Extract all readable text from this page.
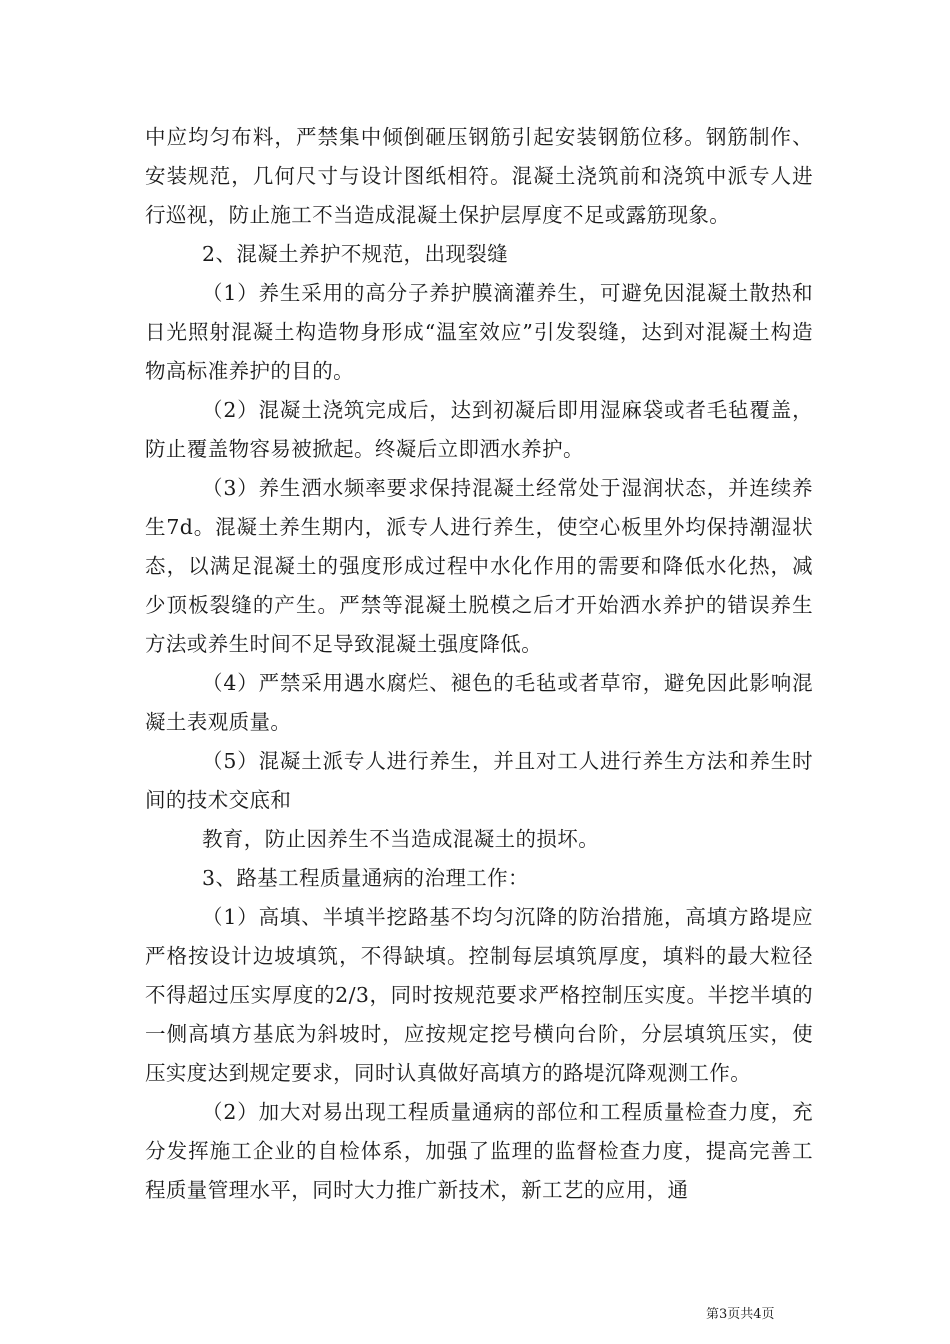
中应均匀布料，严禁集中倾倒砸压钢筋引起安装钢筋位移。钢筋制作、安装规范，几何尺寸与设计图纸相符。混凝土浇筑前和浇筑中派专人进行巡视，防止施工不当造成混凝土保护层厚度不足或露筋现象。

2、混凝土养护不规范，出现裂缝

（1）养生采用的高分子养护膜滴灌养生，可避免因混凝土散热和日光照射混凝土构造物身形成“温室效应”引发裂缝，达到对混凝土构造物高标准养护的目的。

（2）混凝土浇筑完成后，达到初凝后即用湿麻袋或者毛毡覆盖，防止覆盖物容易被掀起。终凝后立即洒水养护。

（3）养生洒水频率要求保持混凝土经常处于湿润状态，并连续养生7d。混凝土养生期内，派专人进行养生，使空心板里外均保持潮湿状态，以满足混凝土的强度形成过程中水化作用的需要和降低水化热，减少顶板裂缝的产生。严禁等混凝土脱模之后才开始洒水养护的错误养生方法或养生时间不足导致混凝土强度降低。

（4）严禁采用遇水腐烂、褪色的毛毡或者草帘，避免因此影响混凝土表观质量。

（5）混凝土派专人进行养生，并且对工人进行养生方法和养生时间的技术交底和

教育，防止因养生不当造成混凝土的损坏。

3、路基工程质量通病的治理工作：

（1）高填、半填半挖路基不均匀沉降的防治措施，高填方路堤应严格按设计边坡填筑，不得缺填。控制每层填筑厚度，填料的最大粒径不得超过压实厚度的2/3，同时按规范要求严格控制压实度。半挖半填的一侧高填方基底为斜坡时，应按规定挖号横向台阶，分层填筑压实，使压实度达到规定要求，同时认真做好高填方的路堤沉降观测工作。

（2）加大对易出现工程质量通病的部位和工程质量检查力度，充分发挥施工企业的自检体系，加强了监理的监督检查力度，提高完善工程质量管理水平，同时大力推广新技术，新工艺的应用，通

第3页共4页
